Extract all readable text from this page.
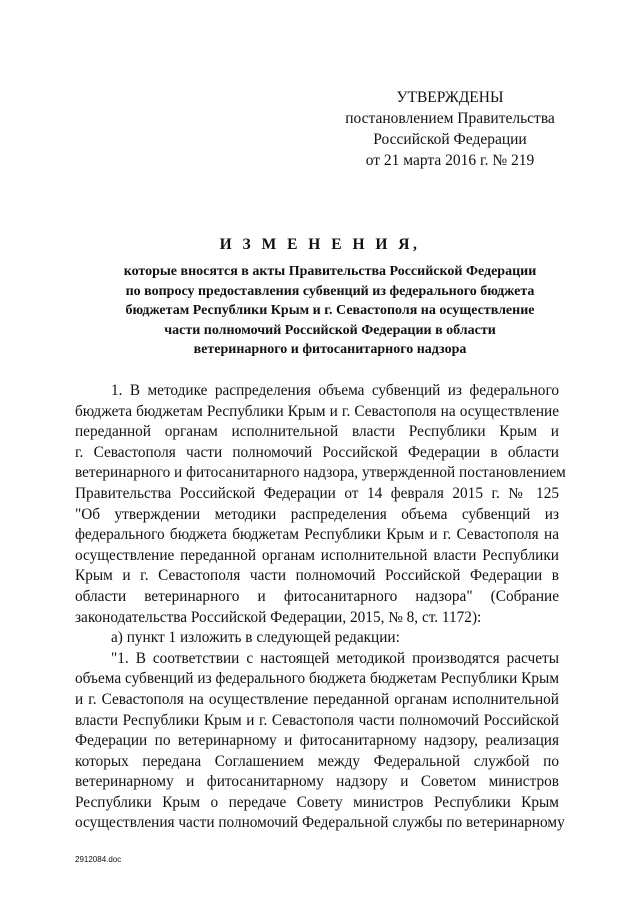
УТВЕРЖДЕНЫ
постановлением Правительства
Российской Федерации
от 21 марта 2016 г. № 219
И З М Е Н Е Н И Я,
которые вносятся в акты Правительства Российской Федерации
по вопросу предоставления субвенций из федерального бюджета
бюджетам Республики Крым и г. Севастополя на осуществление
части полномочий Российской Федерации в области
ветеринарного и фитосанитарного надзора
1. В методике распределения объема субвенций из федерального
бюджета бюджетам Республики Крым и г. Севастополя на осуществление
переданной органам исполнительной власти Республики Крым и
г. Севастополя части полномочий Российской Федерации в области
ветеринарного и фитосанитарного надзора, утвержденной постановлением
Правительства Российской Федерации от 14 февраля 2015 г. № 125
"Об утверждении методики распределения объема субвенций из
федерального бюджета бюджетам Республики Крым и г. Севастополя на
осуществление переданной органам исполнительной власти Республики
Крым и г. Севастополя части полномочий Российской Федерации в
области ветеринарного и фитосанитарного надзора" (Собрание
законодательства Российской Федерации, 2015, № 8, ст. 1172):
а) пункт 1 изложить в следующей редакции:
"1. В соответствии с настоящей методикой производятся расчеты
объема субвенций из федерального бюджета бюджетам Республики Крым
и г. Севастополя на осуществление переданной органам исполнительной
власти Республики Крым и г. Севастополя части полномочий Российской
Федерации по ветеринарному и фитосанитарному надзору, реализация
которых передана Соглашением между Федеральной службой по
ветеринарному и фитосанитарному надзору и Советом министров
Республики Крым о передаче Совету министров Республики Крым
осуществления части полномочий Федеральной службы по ветеринарному
2912084.doc
